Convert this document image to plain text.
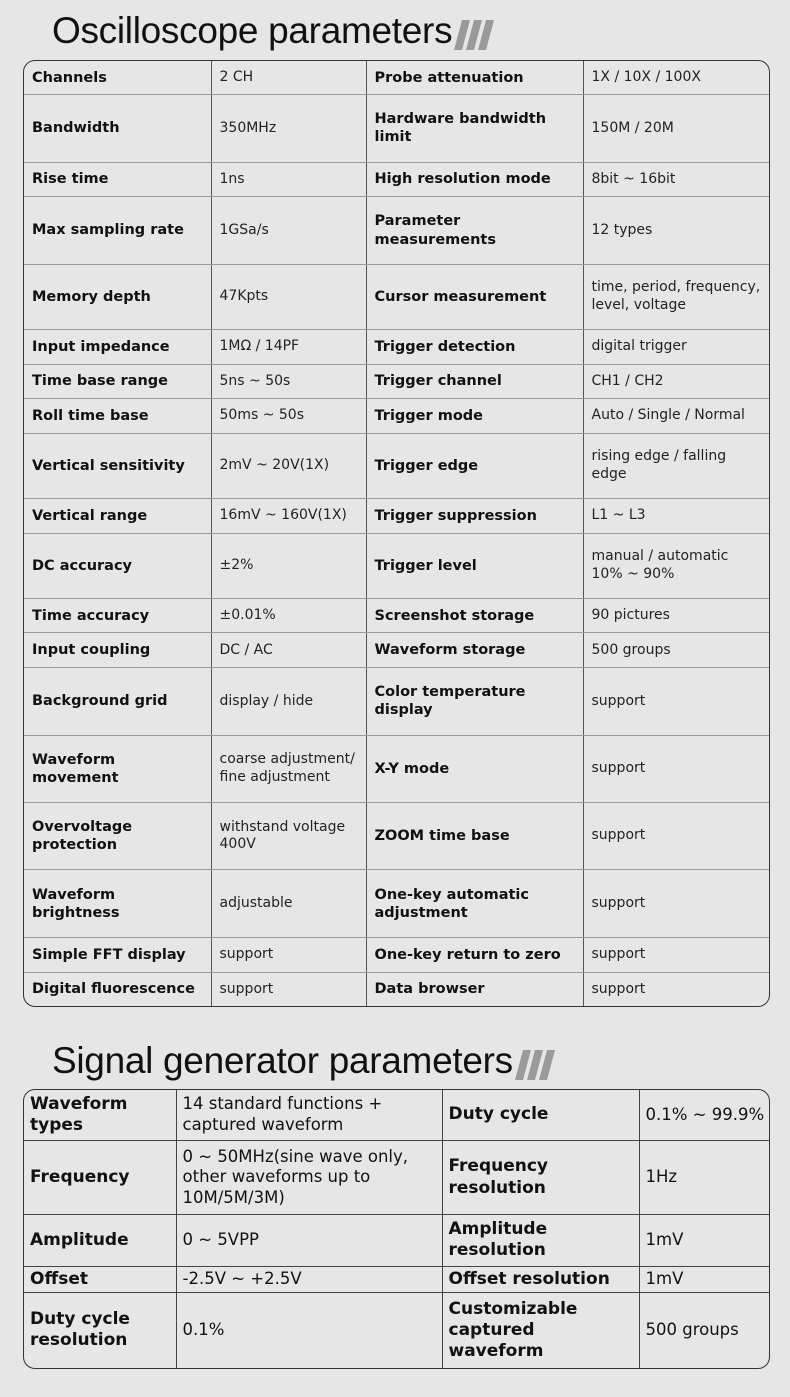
Oscilloscope parameters
Channels	2 CH	Probe attenuation	1X / 10X / 100X
Bandwidth	350MHz	Hardware bandwidth limit	150M / 20M
Rise time	1ns	High resolution mode	8bit ~ 16bit
Max sampling rate	1GSa/s	Parameter measurements	12 types
Memory depth	47Kpts	Cursor measurement	time, period, frequency, level, voltage
Input impedance	1MΩ / 14PF	Trigger detection	digital trigger
Time base range	5ns ~ 50s	Trigger channel	CH1 / CH2
Roll time base	50ms ~ 50s	Trigger mode	Auto / Single / Normal
Vertical sensitivity	2mV ~ 20V(1X)	Trigger edge	rising edge / falling edge
Vertical range	16mV ~ 160V(1X)	Trigger suppression	L1 ~ L3
DC accuracy	±2%	Trigger level	manual / automatic 10% ~ 90%
Time accuracy	±0.01%	Screenshot storage	90 pictures
Input coupling	DC / AC	Waveform storage	500 groups
Background grid	display / hide	Color temperature display	support
Waveform movement	coarse adjustment/ fine adjustment	X-Y mode	support
Overvoltage protection	withstand voltage 400V	ZOOM time base	support
Waveform brightness	adjustable	One-key automatic adjustment	support
Simple FFT display	support	One-key return to zero	support
Digital fluorescence	support	Data browser	support
Signal generator parameters
Waveform types	14 standard functions + captured waveform	Duty cycle	0.1% ~ 99.9%
Frequency	0 ~ 50MHz(sine wave only, other waveforms up to 10M/5M/3M)	Frequency resolution	1Hz
Amplitude	0 ~ 5VPP	Amplitude resolution	1mV
Offset	-2.5V ~ +2.5V	Offset resolution	1mV
Duty cycle resolution	0.1%	Customizable captured waveform	500 groups
